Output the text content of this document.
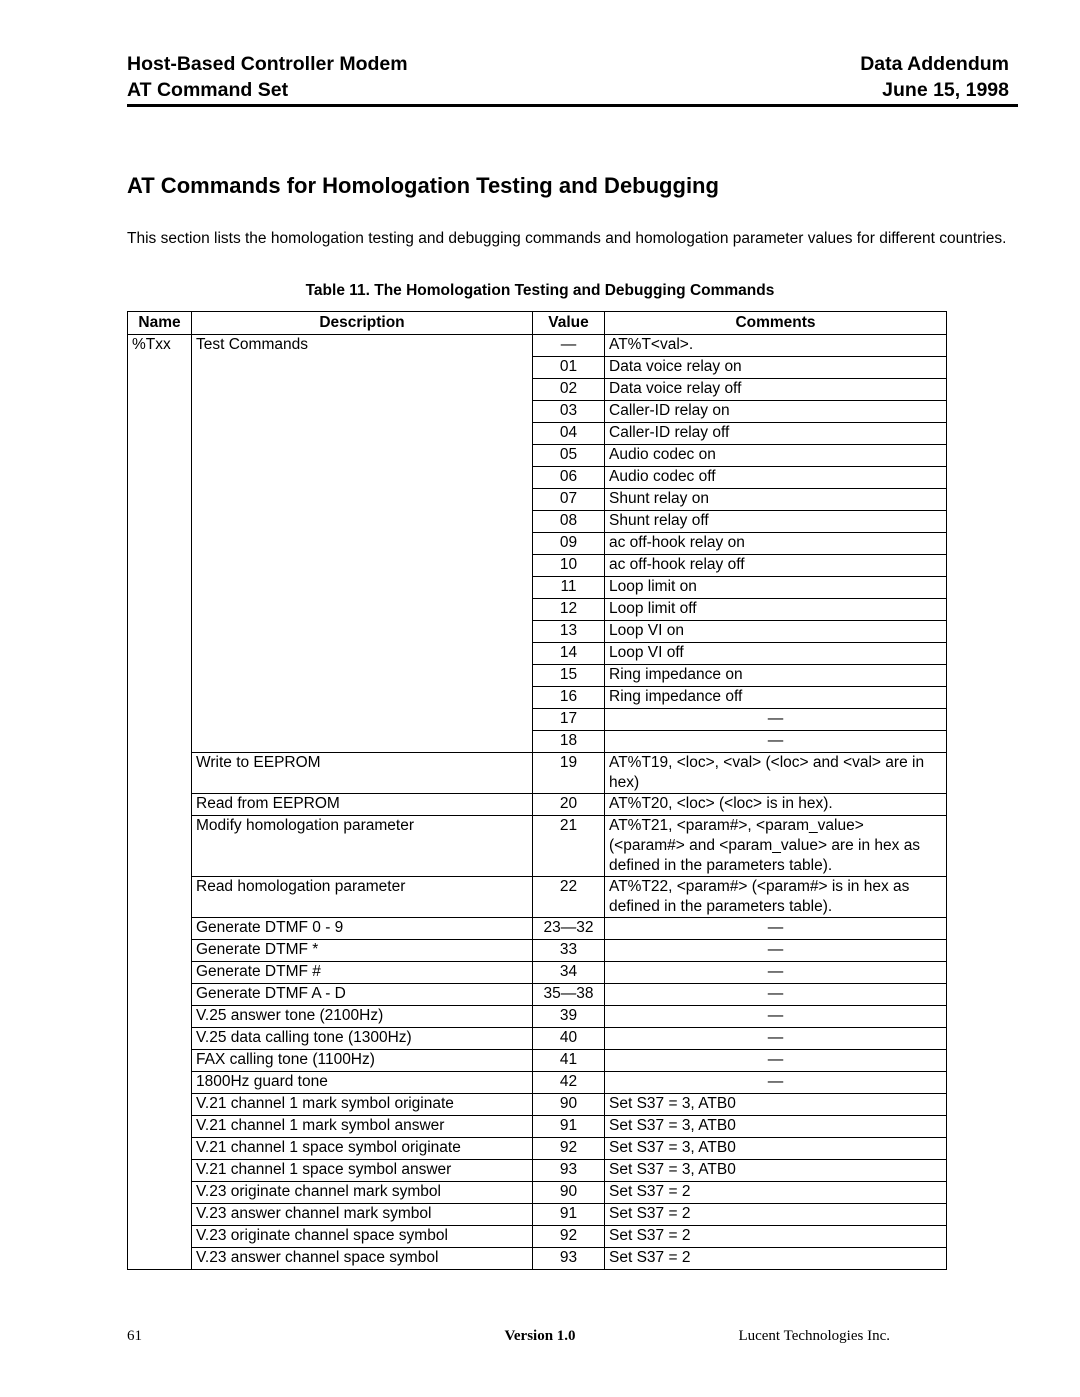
Host-Based Controller Modem	Data Addendum
AT Command Set	June 15, 1998
AT Commands for Homologation Testing and Debugging

This section lists the homologation testing and debugging commands and homologation parameter values for different countries.

Table 11. The Homologation Testing and Debugging Commands

Name	Description	Value	Comments
%Txx	Test Commands	—	AT%T<val>.
		01	Data voice relay on
		02	Data voice relay off
		03	Caller-ID relay on
		04	Caller-ID relay off
		05	Audio codec on
		06	Audio codec off
		07	Shunt relay on
		08	Shunt relay off
		09	ac off-hook relay on
		10	ac off-hook relay off
		11	Loop limit on
		12	Loop limit off
		13	Loop VI on
		14	Loop VI off
		15	Ring impedance on
		16	Ring impedance off
		17	—
		18	—
	Write to EEPROM	19	AT%T19, <loc>, <val> (<loc> and <val> are in hex)
	Read from EEPROM	20	AT%T20, <loc> (<loc> is in hex).
	Modify homologation parameter	21	AT%T21, <param#>, <param_value> (<param#> and <param_value> are in hex as defined in the parameters table).
	Read homologation parameter	22	AT%T22, <param#> (<param#> is in hex as defined in the parameters table).
	Generate DTMF 0 - 9	23—32	—
	Generate DTMF *	33	—
	Generate DTMF #	34	—
	Generate DTMF A - D	35—38	—
	V.25 answer tone (2100Hz)	39	—
	V.25 data calling tone (1300Hz)	40	—
	FAX calling tone (1100Hz)	41	—
	1800Hz guard tone	42	—
	V.21 channel 1 mark symbol originate	90	Set S37 = 3, ATB0
	V.21 channel 1 mark symbol answer	91	Set S37 = 3, ATB0
	V.21 channel 1 space symbol originate	92	Set S37 = 3, ATB0
	V.21 channel 1 space symbol answer	93	Set S37 = 3, ATB0
	V.23 originate channel mark symbol	90	Set S37 = 2
	V.23 answer channel mark symbol	91	Set S37 = 2
	V.23 originate channel space symbol	92	Set S37 = 2
	V.23 answer channel space symbol	93	Set S37 = 2
61	Version 1.0	Lucent Technologies Inc.
